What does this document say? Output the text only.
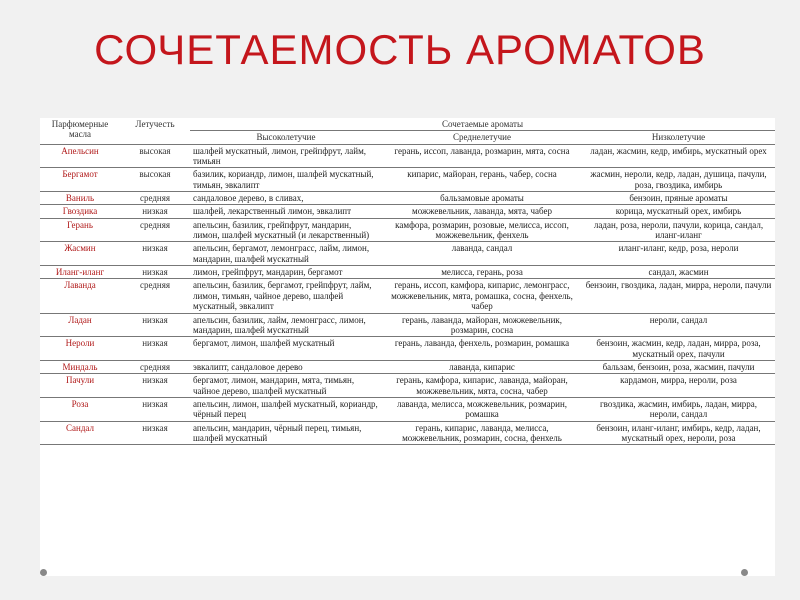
СОЧЕТАЕМОСТЬ АРОМАТОВ
Парфюмерные масла	Летучесть	Сочетаемые ароматы		
		Высоколетучие	Среднелетучие	Низколетучие
Апельсин	высокая	шалфей мускатный, лимон, грейпфрут, лайм, тимьян	герань, иссоп, лаванда, розмарин, мята, сосна	ладан, жасмин, кедр, имбирь, мускатный орех
Бергамот	высокая	базилик, кориандр, лимон, шалфей мускатный, тимьян, эвкалипт	кипарис, майоран, герань, чабер, сосна	жасмин, нероли, кедр, ладан, душица, пачули, роза, гвоздика, имбирь
Ваниль	средняя	сандаловое дерево, в сливах,	бальзамовые ароматы	бензоин, пряные ароматы
Гвоздика	низкая	шалфей, лекарственный лимон, эвкалипт	можжевельник, лаванда, мята, чабер	корица, мускатный орех, имбирь
Герань	средняя	апельсин, базилик, грейпфрут, мандарин, лимон, шалфей мускатный (и лекарственный)	камфора, розмарин, розовые, мелисса, иссоп, можжевельник, фенхель	ладан, роза, нероли, пачули, корица, сандал, иланг-иланг
Жасмин	низкая	апельсин, бергамот, лемонграсс, лайм, лимон, мандарин, шалфей мускатный	лаванда, сандал	иланг-иланг, кедр, роза, нероли
Иланг-иланг	низкая	лимон, грейпфрут, мандарин, бергамот	мелисса, герань, роза	сандал, жасмин
Лаванда	средняя	апельсин, базилик, бергамот, грейпфрут, лайм, лимон, тимьян, чайное дерево, шалфей мускатный, эвкалипт	герань, иссоп, камфора, кипарис, лемонграсс, можжевельник, мята, ромашка, сосна, фенхель, чабер	бензоин, гвоздика, ладан, мирра, нероли, пачули
Ладан	низкая	апельсин, базилик, лайм, лемонграсс, лимон, мандарин, шалфей мускатный	герань, лаванда, майоран, можжевельник, розмарин, сосна	нероли, сандал
Нероли	низкая	бергамот, лимон, шалфей мускатный	герань, лаванда, фенхель, розмарин, ромашка	бензоин, жасмин, кедр, ладан, мирра, роза, мускатный орех, пачули
Миндаль	средняя	эвкалипт, сандаловое дерево	лаванда, кипарис	бальзам, бензоин, роза, жасмин, пачули
Пачули	низкая	бергамот, лимон, мандарин, мята, тимьян, чайное дерево, шалфей мускатный	герань, камфора, кипарис, лаванда, майоран, можжевельник, мята, сосна, чабер	кардамон, мирра, нероли, роза
Роза	низкая	апельсин, лимон, шалфей мускатный, кориандр, чёрный перец	лаванда, мелисса, можжевельник, розмарин, ромашка	гвоздика, жасмин, имбирь, ладан, мирра, нероли, сандал
Сандал	низкая	апельсин, мандарин, чёрный перец, тимьян, шалфей мускатный	герань, кипарис, лаванда, мелисса, можжевельник, розмарин, сосна, фенхель	бензоин, иланг-иланг, имбирь, кедр, ладан, мускатный орех, нероли, роза
